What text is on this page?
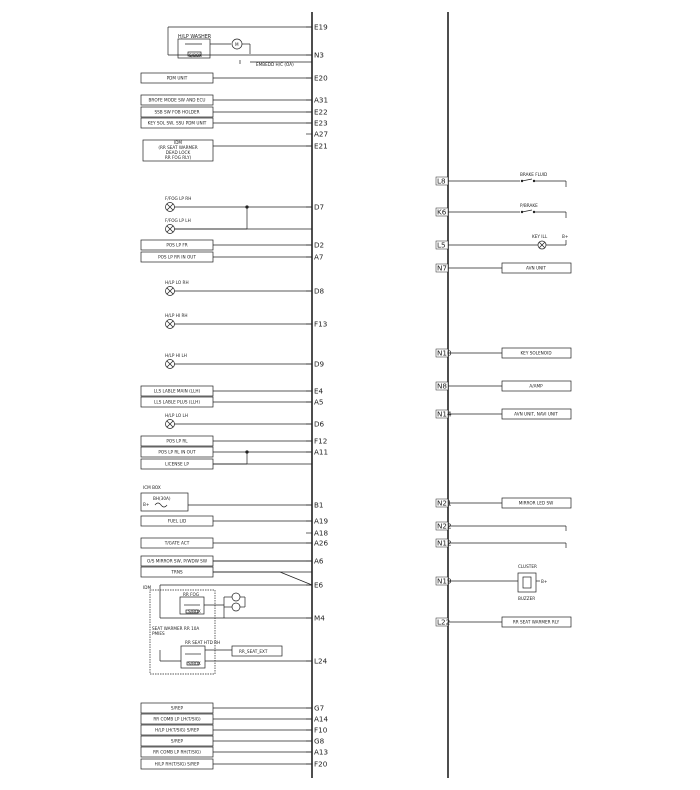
E19
N3
E20
A31
E22
E23
A27
E21
D7
D2
A7
D8
F13
D9
E4
A5
D6
F12
A11
B1
A19
A18
A26
A6
E6
M4
L24
G7
A14
F10
G8
A13
F20
L8
K6
L5
N7
N10
N8
N14
N21
N22
N12
N19
L22
PDM UNIT
BROFE MODE SW AND ECU
SSB SW FOB HOLDER
KEY SOL SW, SSU PDM UNIT
POS LP FR
POS LP RR IN OUT
LLS LABLE MAIN (LLH)
LLS LABLE PLUS (LLH)
POS LP RL
POS LP RL IN OUT
LICENSE LP
FUEL LID
T/GATE ACT
O/S MIRROR SW, P/WDW SW
TRNS
S/REP
RR COMB LP LH(T/SIG)
H/LP LH(T/SIG) S/REP
S/REP
RR COMB LP RH(T/SIG)
H/LP RH(T/SIG) S/REP
IDM
(RR SEAT WARMER
DEAD LOCK
RR FOG RLY)
F/FOG LP RH
F/FOG LP LH
H/LP LO RH
H/LP HI RH
H/LP HI LH
H/LP LO LH
BH(30A)
B+
SEAT WARMER RR 10A
PMIES
BRAKE FLUID
P/BRAKE
KEY ILL	B+
AVN UNIT
KEY SOLENOID
A/AMP
AVN UNIT, NAVI UNIT
MIRROR LED SW
RR SEAT WARMER RLY
H/LP WASHER
S/BOX
M
EMBEDD H/C (OA)
ICM BOX
IDM
RR FOG
RR SEAT HTD RH
RR_SEAT_EXT
S/BOX
S/BOX
CLUSTER
BUZZER
B+
